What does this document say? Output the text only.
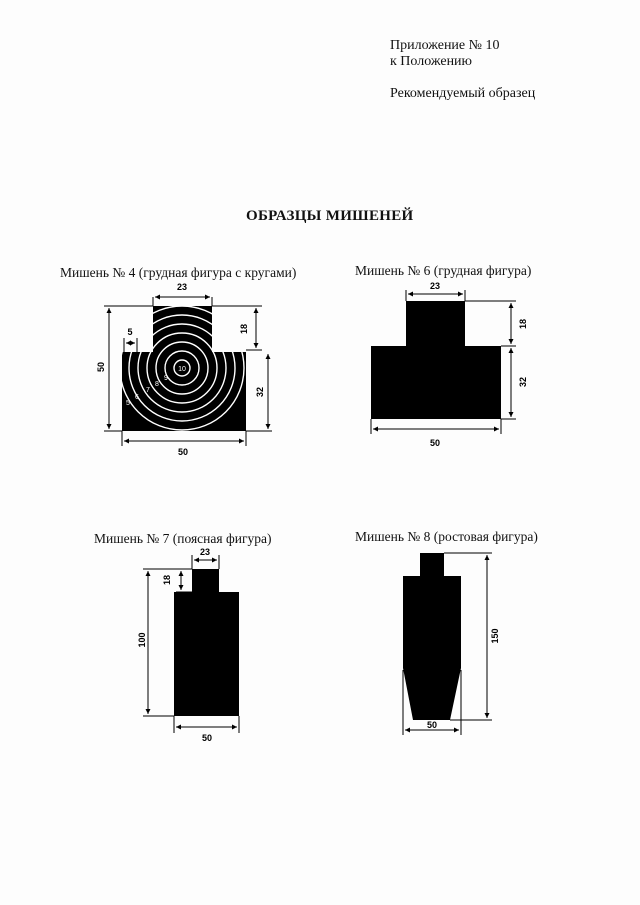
Приложение № 10
к Положению
Рекомендуемый образец
ОБРАЗЦЫ МИШЕНЕЙ
Мишень № 4 (грудная фигура с кругами)	Мишень № 6 (грудная фигура)
Мишень № 7 (поясная фигура)	Мишень № 8 (ростовая фигура)
10
9
8
7
6
5
23
50
18
32
50
5
23
18
32
50
23
18
100
50
150
50
